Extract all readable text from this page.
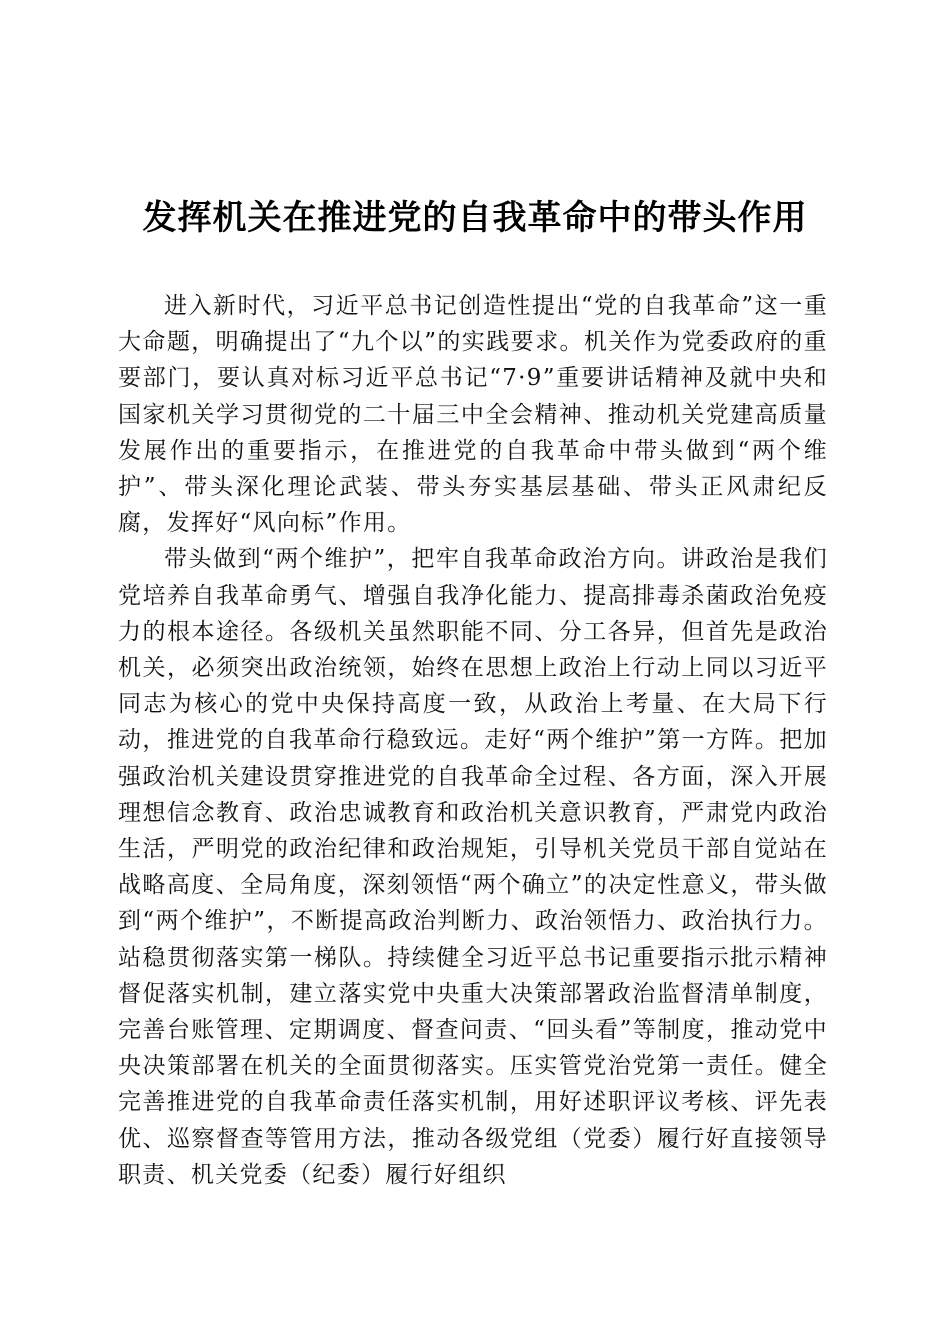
发挥机关在推进党的自我革命中的带头作用

进入新时代，习近平总书记创造性提出“党的自我革命”这一重大命题，明确提出了“九个以”的实践要求。机关作为党委政府的重要部门，要认真对标习近平总书记“7·9”重要讲话精神及就中央和国家机关学习贯彻党的二十届三中全会精神、推动机关党建高质量发展作出的重要指示，在推进党的自我革命中带头做到“两个维护”、带头深化理论武装、带头夯实基层基础、带头正风肃纪反腐，发挥好“风向标”作用。

带头做到“两个维护”，把牢自我革命政治方向。讲政治是我们党培养自我革命勇气、增强自我净化能力、提高排毒杀菌政治免疫力的根本途径。各级机关虽然职能不同、分工各异，但首先是政治机关，必须突出政治统领，始终在思想上政治上行动上同以习近平同志为核心的党中央保持高度一致，从政治上考量、在大局下行动，推进党的自我革命行稳致远。走好“两个维护”第一方阵。把加强政治机关建设贯穿推进党的自我革命全过程、各方面，深入开展理想信念教育、政治忠诚教育和政治机关意识教育，严肃党内政治生活，严明党的政治纪律和政治规矩，引导机关党员干部自觉站在战略高度、全局角度，深刻领悟“两个确立”的决定性意义，带头做到“两个维护”，不断提高政治判断力、政治领悟力、政治执行力。站稳贯彻落实第一梯队。持续健全习近平总书记重要指示批示精神督促落实机制，建立落实党中央重大决策部署政治监督清单制度，完善台账管理、定期调度、督查问责、“回头看”等制度，推动党中央决策部署在机关的全面贯彻落实。压实管党治党第一责任。健全完善推进党的自我革命责任落实机制，用好述职评议考核、评先表优、巡察督查等管用方法，推动各级党组（党委）履行好直接领导职责、机关党委（纪委）履行好组织
